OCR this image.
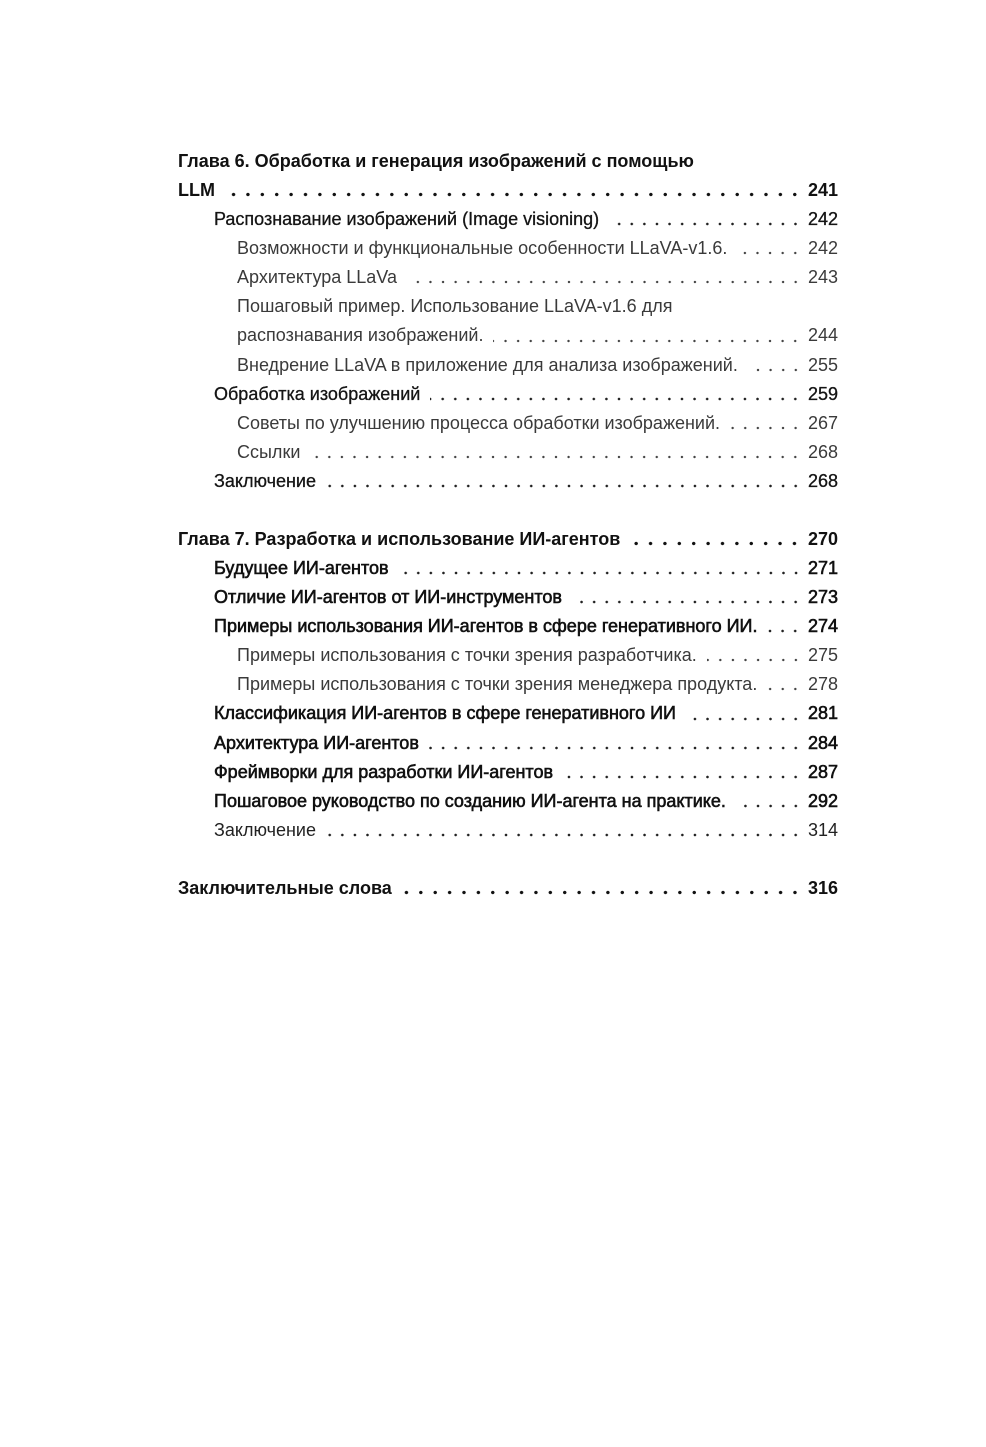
Глава 6. Обработка и генерация изображений с помощью
LLM	241
Распознавание изображений (Image visioning)	242
Возможности и функциональные особенности LLaVA-v1.6.	242
Архитектура LLaVa	243
Пошаговый пример. Использование LLaVA-v1.6 для
распознавания изображений.	244
Внедрение LLaVA в приложение для анализа изображений.	255
Обработка изображений	259
Советы по улучшению процесса обработки изображений.	267
Ссылки	268
Заключение	268
Глава 7. Разработка и использование ИИ-агентов	270
Будущее ИИ-агентов	271
Отличие ИИ-агентов от ИИ-инструментов	273
Примеры использования ИИ-агентов в сфере генеративного ИИ.	274
Примеры использования с точки зрения разработчика.	275
Примеры использования с точки зрения менеджера продукта.	278
Классификация ИИ-агентов в сфере генеративного ИИ	281
Архитектура ИИ-агентов	284
Фреймворки для разработки ИИ-агентов	287
Пошаговое руководство по созданию ИИ-агента на практике.	292
Заключение	314
Заключительные слова	316
